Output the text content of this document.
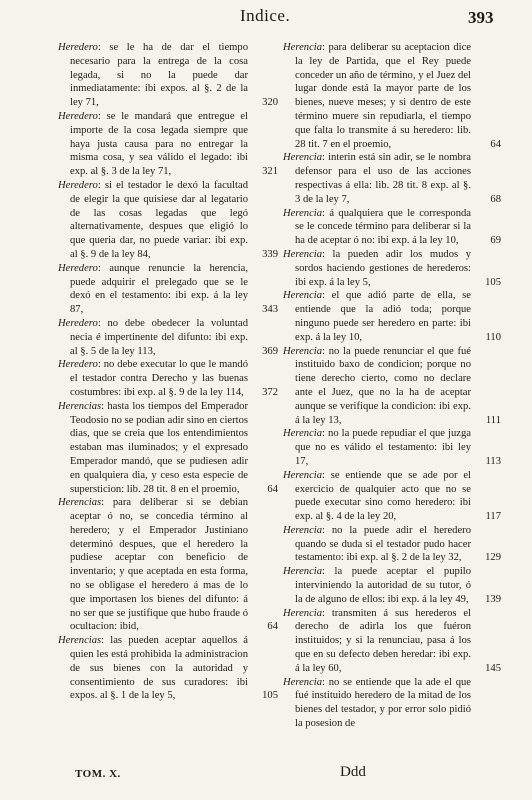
Indice.	393

Heredero: se le ha de dar el tiempo necesario para la entrega de la cosa legada, si no la puede dar inmediatamente: ibi expos. al §. 2 de la ley 71,	320

Heredero: se le mandará que entregue el importe de la cosa legada siempre que haya justa causa para no entregar la misma cosa, y sea válido el legado: ibi exp. al §. 3 de la ley 71,	321

Heredero: si el testador le dexó la facultad de elegir la que quisiese dar al legatario de las cosas legadas que legó alternativamente, despues que eligió lo que queria dar, no puede variar: ibi exp. al §. 9 de la ley 84,	339

Heredero: aunque renuncie la herencia, puede adquirir el prelegado que se le dexó en el testamento: ibi exp. á la ley 87,	343

Heredero: no debe obedecer la voluntad necia é impertinente del difunto: ibi exp. al §. 5 de la ley 113,	369

Heredero: no debe executar lo que le mandó el testador contra Derecho y las buenas costumbres: ibi exp. al §. 9 de la ley 114, 372

Herencias: hasta los tiempos del Emperador Teodosio no se podian adir sino en ciertos dias, que se creia que los entendimientos estaban mas iluminados; y el expresado Emperador mandó, que se pudiesen adir en qualquiera dia, y ceso esta especie de supersticion: lib. 28 tit. 8 en el proemio,	64

Herencias: para deliberar si se debian aceptar ó no, se concedia término al heredero; y el Emperador Justiniano determinó despues, que el heredero la pudiese aceptar con beneficio de inventario; y que aceptada en esta forma, no se obligase el heredero á mas de lo que importasen los bienes del difunto: á no ser que se justifique que hubo fraude ó ocultacion: ibid,	64

Herencias: las pueden aceptar aquellos á quien les está prohibida la administracion de sus bienes con la autoridad y consentimiento de sus curadores: ibi expos. al §. 1 de la ley 5,	105

Herencia: para deliberar su aceptacion dice la ley de Partida, que el Rey puede conceder un año de término, y el Juez del lugar donde está la mayor parte de los bienes, nueve meses; y si dentro de este término muere sin repudiarla, el tiempo que falta lo transmite á su heredero: lib. 28 tit. 7 en el proemio,	64

Herencia: interin está sin adir, se le nombra defensor para el uso de las acciones respectivas á ella: lib. 28 tit. 8 exp. al §. 3 de la ley 7,	68

Herencia: á qualquiera que le corresponda se le concede término para deliberar si la ha de aceptar ó no: ibi exp. á la ley 10,	69

Herencia: la pueden adir los mudos y sordos haciendo gestiones de herederos: ibi exp. á la ley 5,	105

Herencia: el que adió parte de ella, se entiende que la adió toda; porque ninguno puede ser heredero en parte: ibi exp. á la ley 10,	110

Herencia: no la puede renunciar el que fué instituido baxo de condicion; porque no tiene derecho cierto, como no declare ante el Juez, que no la ha de aceptar aunque se verifique la condicion: ibi exp. á la ley 13,	111

Herencia: no la puede repudiar el que juzga que no es válido el testamento: ibi ley 17,	113

Herencia: se entiende que se ade por el exercicio de qualquier acto que no se puede executar sino como heredero: ibi exp. al §. 4 de la ley 20,	117

Herencia: no la puede adir el heredero quando se duda si el testador pudo hacer testamento: ibi exp. al §. 2 de la ley 32, 129

Herencia: la puede aceptar el pupilo interviniendo la autoridad de su tutor, ó la de alguno de ellos: ibi exp. á la ley 49, 139

Herencia: transmiten á sus herederos el derecho de adirla los que fuéron instituidos; y si la renunciau, pasa á los que en su defecto deben heredar: ibi exp. á la ley 60,	145

Herencia: no se entiende que la ade el que fué instituido heredero de la mitad de los bienes del testador, y por error solo pidió la posesion de

TOM. X.	Ddd
